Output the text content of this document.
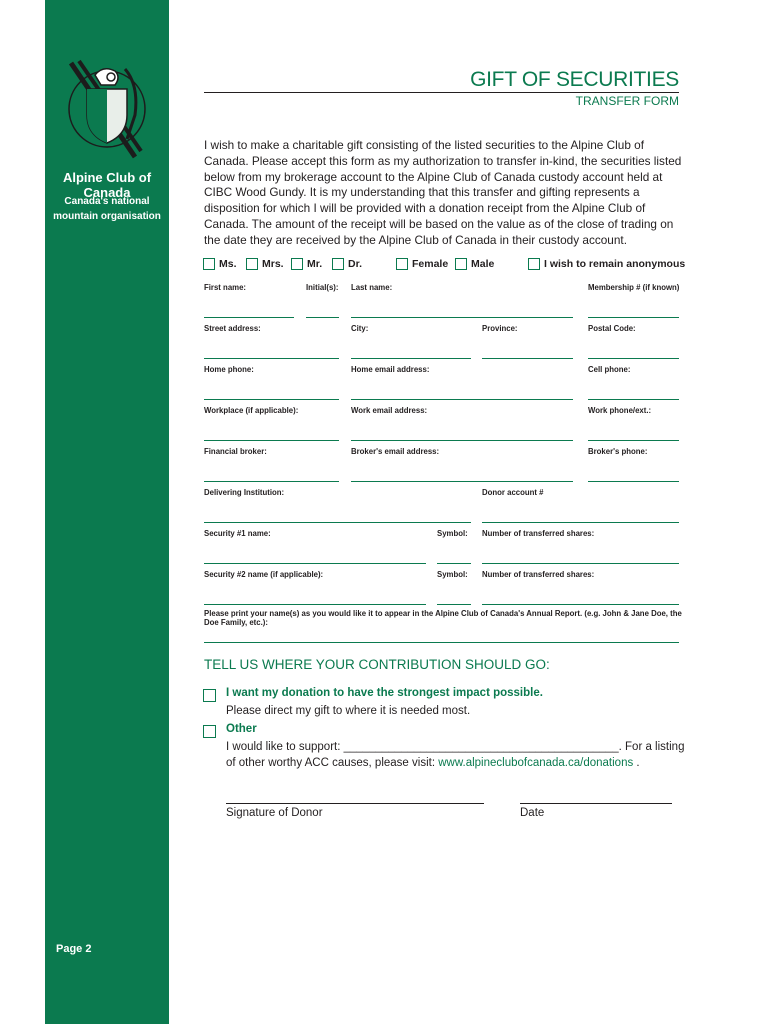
Alpine Club of Canada
Canada's national
mountain organisation
Page 2
GIFT OF SECURITIES
TRANSFER FORM
I wish to make a charitable gift consisting of the listed securities to the Alpine Club of Canada. Please accept this form as my authorization to transfer in-kind, the securities listed below from my brokerage account to the Alpine Club of Canada custody account held at CIBC Wood Gundy. It is my understanding that this transfer and gifting represents a disposition for which I will be provided with a donation receipt from the Alpine Club of Canada. The amount of the receipt will be based on the value as of the close of trading on the date they are received by the Alpine Club of Canada in their custody account.
Ms. Mrs. Mr. Dr.	Female Male	I wish to remain anonymous
First name:	Initial(s): Last name:	Membership # (if known)
Street address:	City:	Province:	Postal Code:
Home phone:	Home email address:	Cell phone:
Workplace (if applicable):	Work email address:	Work phone/ext.:
Financial broker:	Broker's email address:	Broker's phone:
Delivering Institution:	Donor account #
Security #1 name:	Symbol: Number of transferred shares:
Security #2 name (if applicable):	Symbol: Number of transferred shares:
Please print your name(s) as you would like it to appear in the Alpine Club of Canada's Annual Report. (e.g. John & Jane Doe, the Doe Family, etc.):
TELL US WHERE YOUR CONTRIBUTION SHOULD GO:
I want my donation to have the strongest impact possible.
Please direct my gift to where it is needed most.
Other
I would like to support: ___________________________________________. For a listing
of other worthy ACC causes, please visit: www.alpineclubofcanada.ca/donations .
Signature of Donor	Date
